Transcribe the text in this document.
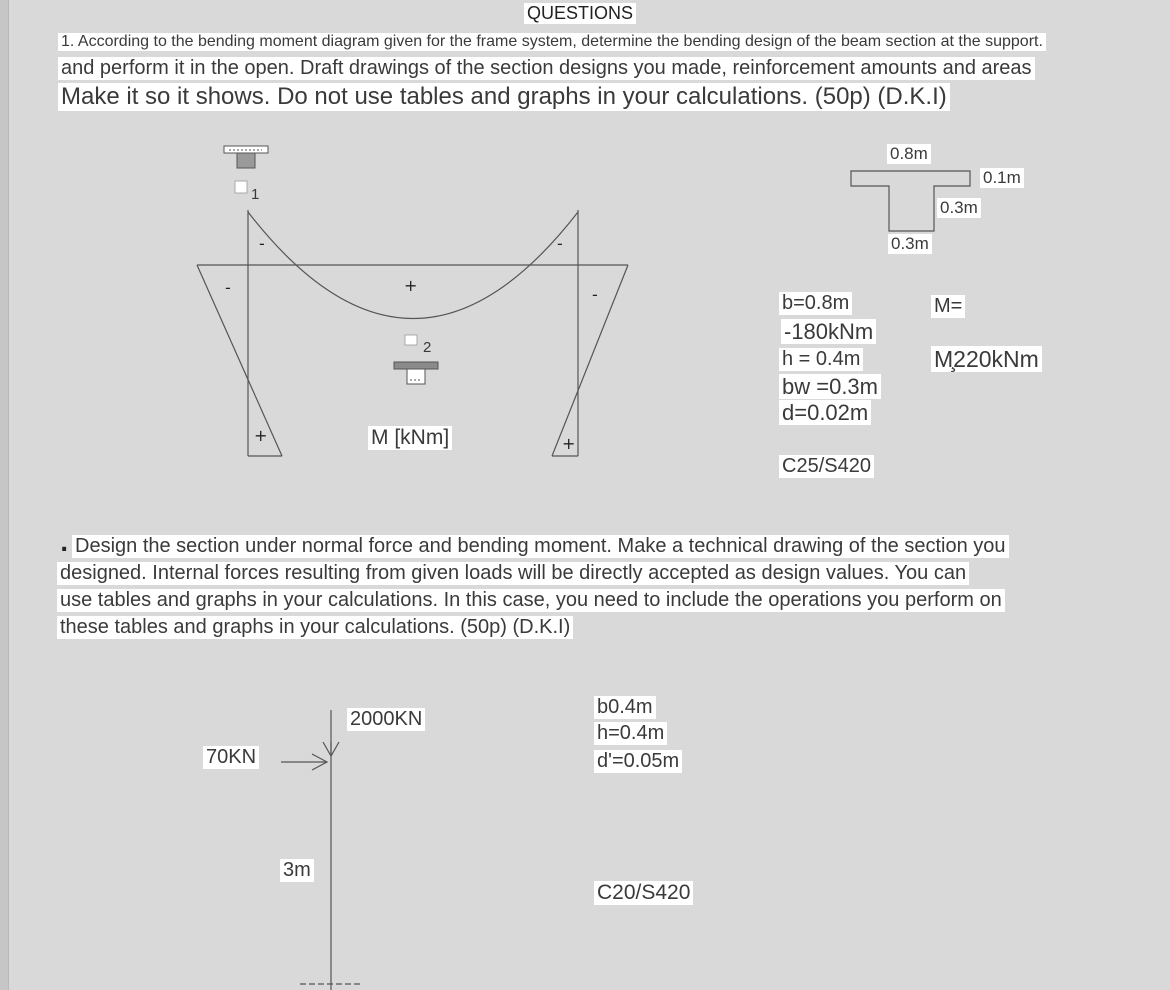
QUESTIONS
1. According to the bending moment diagram given for the frame system, determine the bending design of the beam section at the support.
and perform it in the open. Draft drawings of the section designs you made, reinforcement amounts and areas
Make it so it shows. Do not use tables and graphs in your calculations. (50p) (D.K.I)
-
-	+
-
-
+	+
1
2
M [kNm]
0.8m
0.1m
0.3m
0.3m
b=0.8m
-180kNm
h = 0.4m
bw =0.3m
d=0.02m
C25/S420
M=
M̧220kNm
. Design the section under normal force and bending moment. Make a technical drawing of the section you
designed. Internal forces resulting from given loads will be directly accepted as design values. You can
use tables and graphs in your calculations. In this case, you need to include the operations you perform on
these tables and graphs in your calculations. (50p) (D.K.I)
2000KN
70KN
3m
b0.4m
h=0.4m
d'=0.05m
C20/S420
